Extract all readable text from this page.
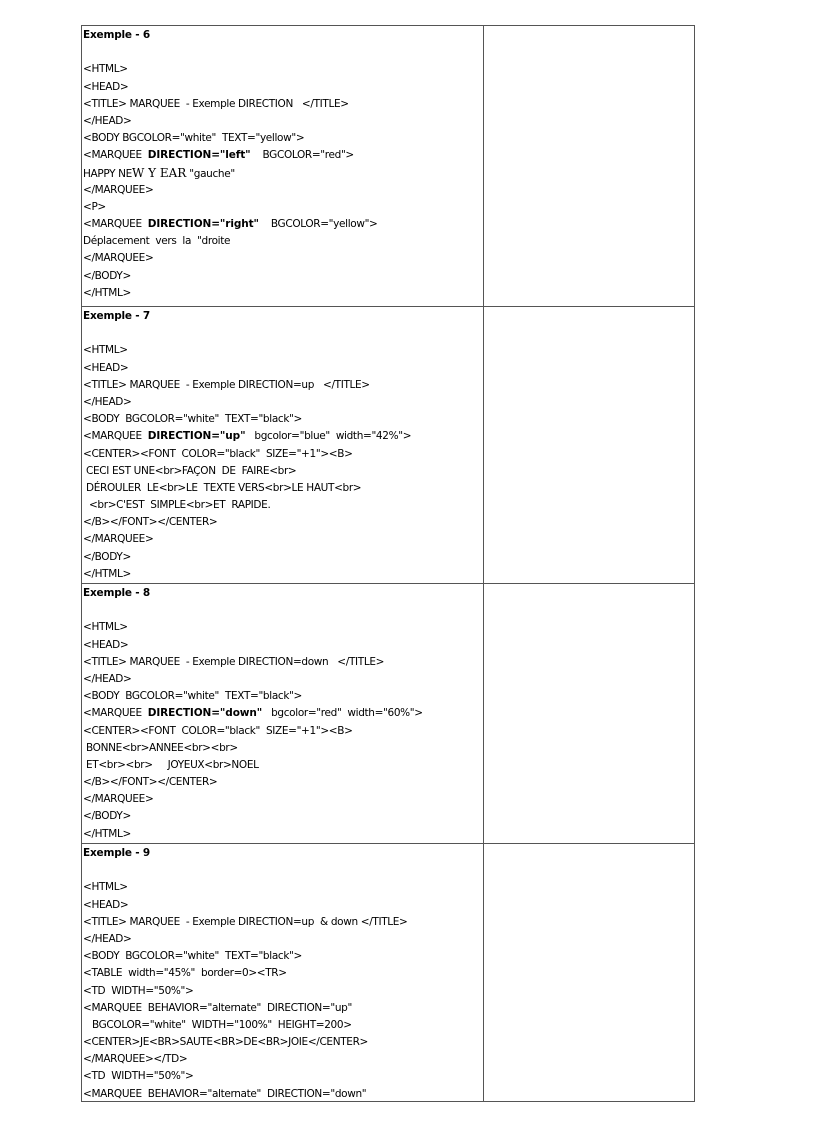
Exemple - 6
<HTML>
<HEAD>
<TITLE> MARQUEE  - Exemple DIRECTION   </TITLE>
</HEAD>
<BODY BGCOLOR="white"  TEXT="yellow">
<MARQUEE  DIRECTION="left"    BGCOLOR="red">
HAPPY NEW Y EAR "gauche"
</MARQUEE>
<P>
<MARQUEE  DIRECTION="right"    BGCOLOR="yellow">
Déplacement  vers  la  "droite
</MARQUEE>
</BODY>
</HTML>
Exemple - 7
<HTML>
<HEAD>
<TITLE> MARQUEE  - Exemple DIRECTION=up   </TITLE>
</HEAD>
<BODY  BGCOLOR="white"  TEXT="black">
<MARQUEE  DIRECTION="up"   bgcolor="blue"  width="42%">
<CENTER><FONT  COLOR="black"  SIZE="+1"><B>
CECI EST UNE<br>FAÇON  DE  FAIRE<br>
DÉROULER  LE<br>LE  TEXTE VERS<br>LE HAUT<br>
<br>C'EST  SIMPLE<br>ET  RAPIDE.
</B></FONT></CENTER>
</MARQUEE>
</BODY>
</HTML>
Exemple - 8
<HTML>
<HEAD>
<TITLE> MARQUEE  - Exemple DIRECTION=down   </TITLE>
</HEAD>
<BODY  BGCOLOR="white"  TEXT="black">
<MARQUEE  DIRECTION="down"   bgcolor="red"  width="60%">
<CENTER><FONT  COLOR="black"  SIZE="+1"><B>
BONNE<br>ANNEE<br><br>
ET<br><br>     JOYEUX<br>NOEL
</B></FONT></CENTER>
</MARQUEE>
</BODY>
</HTML>
Exemple - 9
<HTML>
<HEAD>
<TITLE> MARQUEE  - Exemple DIRECTION=up  & down </TITLE>
</HEAD>
<BODY  BGCOLOR="white"  TEXT="black">
<TABLE  width="45%"  border=0><TR>
<TD  WIDTH="50%">
<MARQUEE  BEHAVIOR="alternate"  DIRECTION="up"
BGCOLOR="white"  WIDTH="100%"  HEIGHT=200>
<CENTER>JE<BR>SAUTE<BR>DE<BR>JOIE</CENTER>
</MARQUEE></TD>
<TD  WIDTH="50%">
<MARQUEE  BEHAVIOR="alternate"  DIRECTION="down"
